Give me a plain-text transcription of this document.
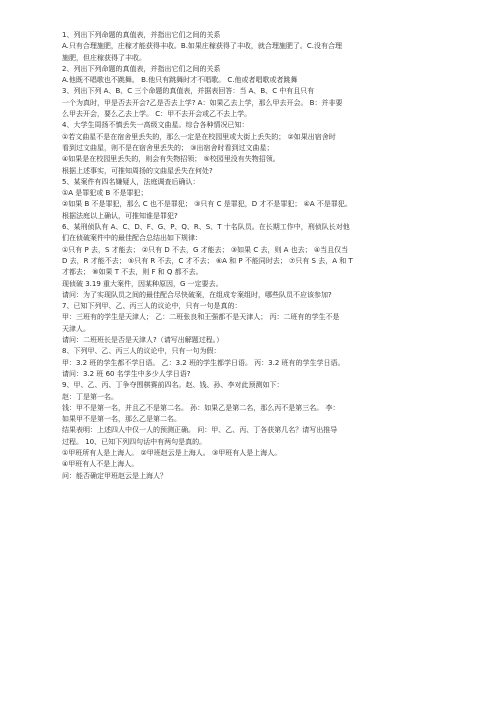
1、列出下列命题的真值表，并指出它们之间的关系
A.只有合理施肥，庄稼才能获得丰收。B.如果庄稼获得了丰收，就合理施肥了。C.没有合理
施肥，但庄稼获得了丰收。
2、列出下列命题的真值表，并指出它们之间的关系
A.他既不唱歌也不跳舞。 B.他只有跳舞时才不唱歌。 C.他或者唱歌或者跳舞
3、列出下列 A、B、C 三个命题的真值表，并据表回答：当 A、B、C 中有且只有
一个为真时，甲是否去开会?乙是否去上学? A：如果乙去上学，那么甲去开会。 B：并非要
么甲去开会，要么乙去上学。 C：甲不去开会或乙不去上学。
4、大学生周扬不慎丢失一高级文曲星。综合各种情况已知：
①若文曲星不是在宿舍里丢失的，那么一定是在校园里或大街上丢失的； ②如果出宿舍时
看到过文曲星，则不是在宿舍里丢失的； ③出宿舍时看到过文曲星；
④如果是在校园里丢失的，则会有失物招领； ⑤校园里没有失物招领。
根据上述事实，可推知周扬的文曲星丢失在何处?
5、某案件有四名嫌疑人，法庭调查后确认：
①A 是罪犯或 B 不是罪犯；
②如果 B 不是罪犯，那么 C 也不是罪犯； ③只有 C 是罪犯，D 才不是罪犯； ④A 不是罪犯。
根据法庭以上确认，可推知谁是罪犯?
6、某刑侦队有 A、C、D、F、G、P、Q、R、S、T 十名队员。在长期工作中，刑侦队长对他
们在侦破案件中的最佳配合总结出如下规律：
①只有 P 去，S 才能去； ②只有 D 不去，G 才能去； ③如果 C 去，则 A 也去； ④当且仅当
D 去，R 才能不去； ⑤只有 R 不去，C 才不去； ⑥A 和 P 不能同时去； ⑦只有 S 去，A 和 T
才都去； ⑧如果 T 不去，则 F 和 Q 都不去。
现侦破 3.19 重大案件，因某种原因，G 一定要去。
请问：为了实现队员之间的最佳配合尽快破案，在组成专案组时，哪些队员不应该参加?
7、已知下列甲、乙、丙三人的议论中，只有一句是真的：
甲：三班有的学生是天津人； 乙：二班张良和王强都不是天津人； 丙：二班有的学生不是
天津人。
请问：二班班长是否是天津人?（请写出解题过程。）
8、下列甲、乙、丙三人的议论中，只有一句为假：
甲：3.2 班的学生都不学日语。 乙：3.2 班的学生都学日语。 丙：3.2 班有的学生学日语。
请问：3.2 班 60 名学生中多少人学日语?
9、甲、乙、丙、丁争夺围棋赛前四名。赵、钱、孙、李对此预测如下：
赵：丁是第一名。
钱：甲不是第一名，并且乙不是第二名。 孙：如果乙是第二名，那么丙不是第三名。 李：
如果甲不是第一名，那么乙是第二名。
结果表明：上述四人中仅一人的预测正确。 问：甲、乙、丙、丁各获第几名？请写出推导
过程。 10、已知下列四句话中有两句是真的。
①甲班所有人是上海人。 ②甲班赵云是上海人。 ③甲班有人是上海人。
④甲班有人不是上海人。
问：能否确定甲班赵云是上海人？
